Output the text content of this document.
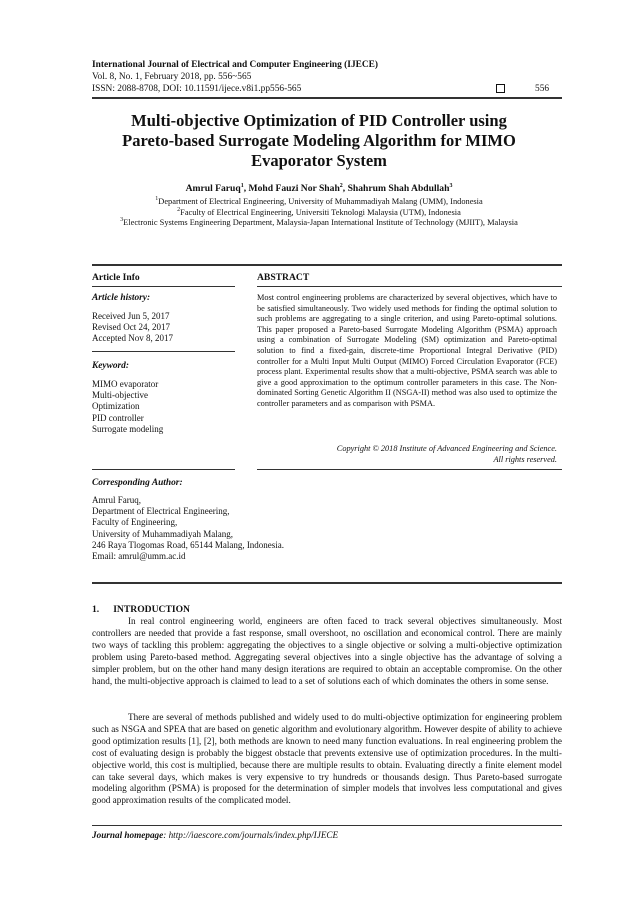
International Journal of Electrical and Computer Engineering (IJECE)
Vol. 8, No. 1, February 2018, pp. 556~565
ISSN: 2088-8708, DOI: 10.11591/ijece.v8i1.pp556-565	556
Multi-objective Optimization of PID Controller using
Pareto-based Surrogate Modeling Algorithm for MIMO
Evaporator System
Amrul Faruq$^1$, Mohd Fauzi Nor Shah$^2$, Shahrum Shah Abdullah$^3$
$^1$Department of Electrical Engineering, University of Muhammadiyah Malang (UMM), Indonesia
$^2$Faculty of Electrical Engineering, Universiti Teknologi Malaysia (UTM), Indonesia
$^3$Electronic Systems Engineering Department, Malaysia-Japan International Institute of Technology (MJIIT), Malaysia
Article Info
Article history:
Received Jun 5, 2017
Revised Oct 24, 2017
Accepted Nov 8, 2017
Keyword:
MIMO evaporator
Multi-objective
Optimization
PID controller
Surrogate modeling
ABSTRACT
Most control engineering problems are characterized by several objectives, which have to be satisfied simultaneously. Two widely used methods for finding the optimal solution to such problems are aggregating to a single criterion, and using Pareto-optimal solutions. This paper proposed a Pareto-based Surrogate Modeling Algorithm (PSMA) approach using a combination of Surrogate Modeling (SM) optimization and Pareto-optimal solution to find a fixed-gain, discrete-time Proportional Integral Derivative (PID) controller for a Multi Input Multi Output (MIMO) Forced Circulation Evaporator (FCE) process plant. Experimental results show that a multi-objective, PSMA search was able to give a good approximation to the optimum controller parameters in this case. The Non-dominated Sorting Genetic Algorithm II (NSGA-II) method was also used to optimize the controller parameters and as comparison with PSMA.
Copyright © 2018 Institute of Advanced Engineering and Science.
All rights reserved.
Corresponding Author:
Amrul Faruq,
Department of Electrical Engineering,
Faculty of Engineering,
University of Muhammadiyah Malang,
246 Raya Tlogomas Road, 65144 Malang, Indonesia.
Email: amrul@umm.ac.id
1. INTRODUCTION
In real control engineering world, engineers are often faced to track several objectives simultaneously. Most controllers are needed that provide a fast response, small overshoot, no oscillation and economical control. There are mainly two ways of tackling this problem: aggregating the objectives to a single objective or solving a multi-objective optimization problem using Pareto-based method. Aggregating several objectives into a single objective has the advantage of solving a simpler problem, but on the other hand many design iterations are required to obtain an acceptable compromise. On the other hand, the multi-objective approach is claimed to lead to a set of solutions each of which dominates the others in some sense.
There are several of methods published and widely used to do multi-objective optimization for engineering problem such as NSGA and SPEA that are based on genetic algorithm and evolutionary algorithm. However despite of ability to achieve good optimization results [1], [2], both methods are known to need many function evaluations. In real engineering problem the cost of evaluating design is probably the biggest obstacle that prevents extensive use of optimization procedures. In the multi-objective world, this cost is multiplied, because there are multiple results to obtain. Evaluating directly a finite element model can take several days, which makes is very expensive to try hundreds or thousands design. Thus Pareto-based surrogate modeling algorithm (PSMA) is proposed for the determination of simpler models that involves less computational and gives good approximation results of the complicated model.
Journal homepage: http://iaescore.com/journals/index.php/IJECE
